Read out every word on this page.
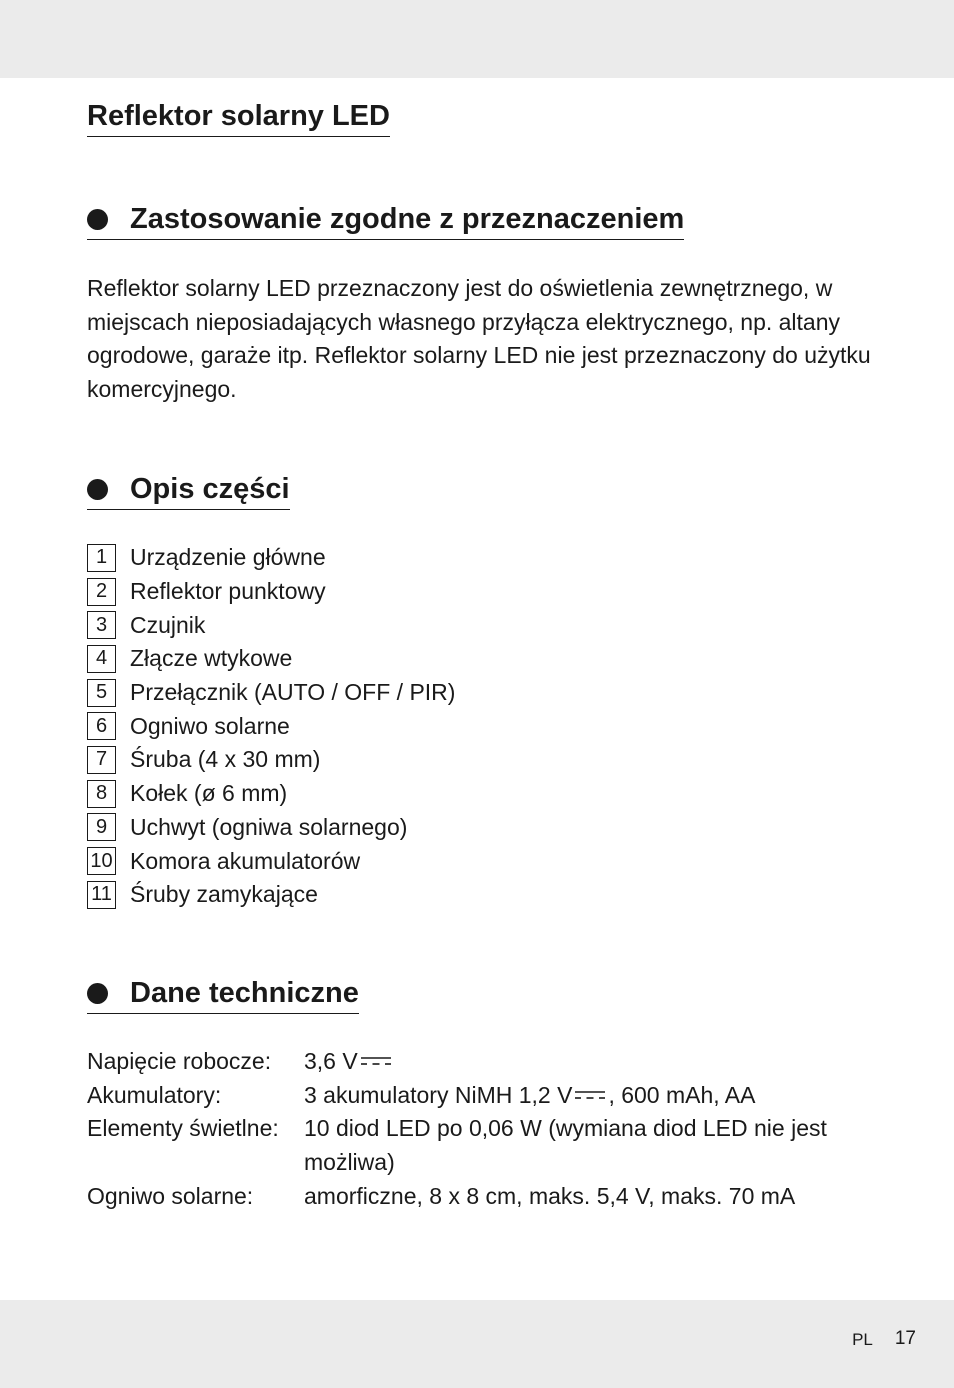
Reflektor solarny LED
Zastosowanie zgodne z przeznaczeniem

Reflektor solarny LED przeznaczony jest do oświetlenia zewnętrznego, w miejscach nieposiadających własnego przyłącza elektrycznego, np. altany ogrodowe, garaże itp. Reflektor solarny LED nie jest przeznaczony do użytku komercyjnego.

Opis części
1 Urządzenie główne
2 Reflektor punktowy
3 Czujnik
4 Złącze wtykowe
5 Przełącznik (AUTO / OFF / PIR)
6 Ogniwo solarne
7 Śruba (4 x 30 mm)
8 Kołek (ø 6 mm)
9 Uchwyt (ogniwa solarnego)
10 Komora akumulatorów
11 Śruby zamykające
Dane techniczne
Napięcie robocze:	3,6 V
Akumulatory:	3 akumulatory NiMH 1,2 V , 600 mAh, AA
Elementy świetlne:	10 diod LED po 0,06 W (wymiana diod LED nie jest możliwa)
Ogniwo solarne:	amorficzne, 8 x 8 cm, maks. 5,4 V, maks. 70 mA
PL 17
